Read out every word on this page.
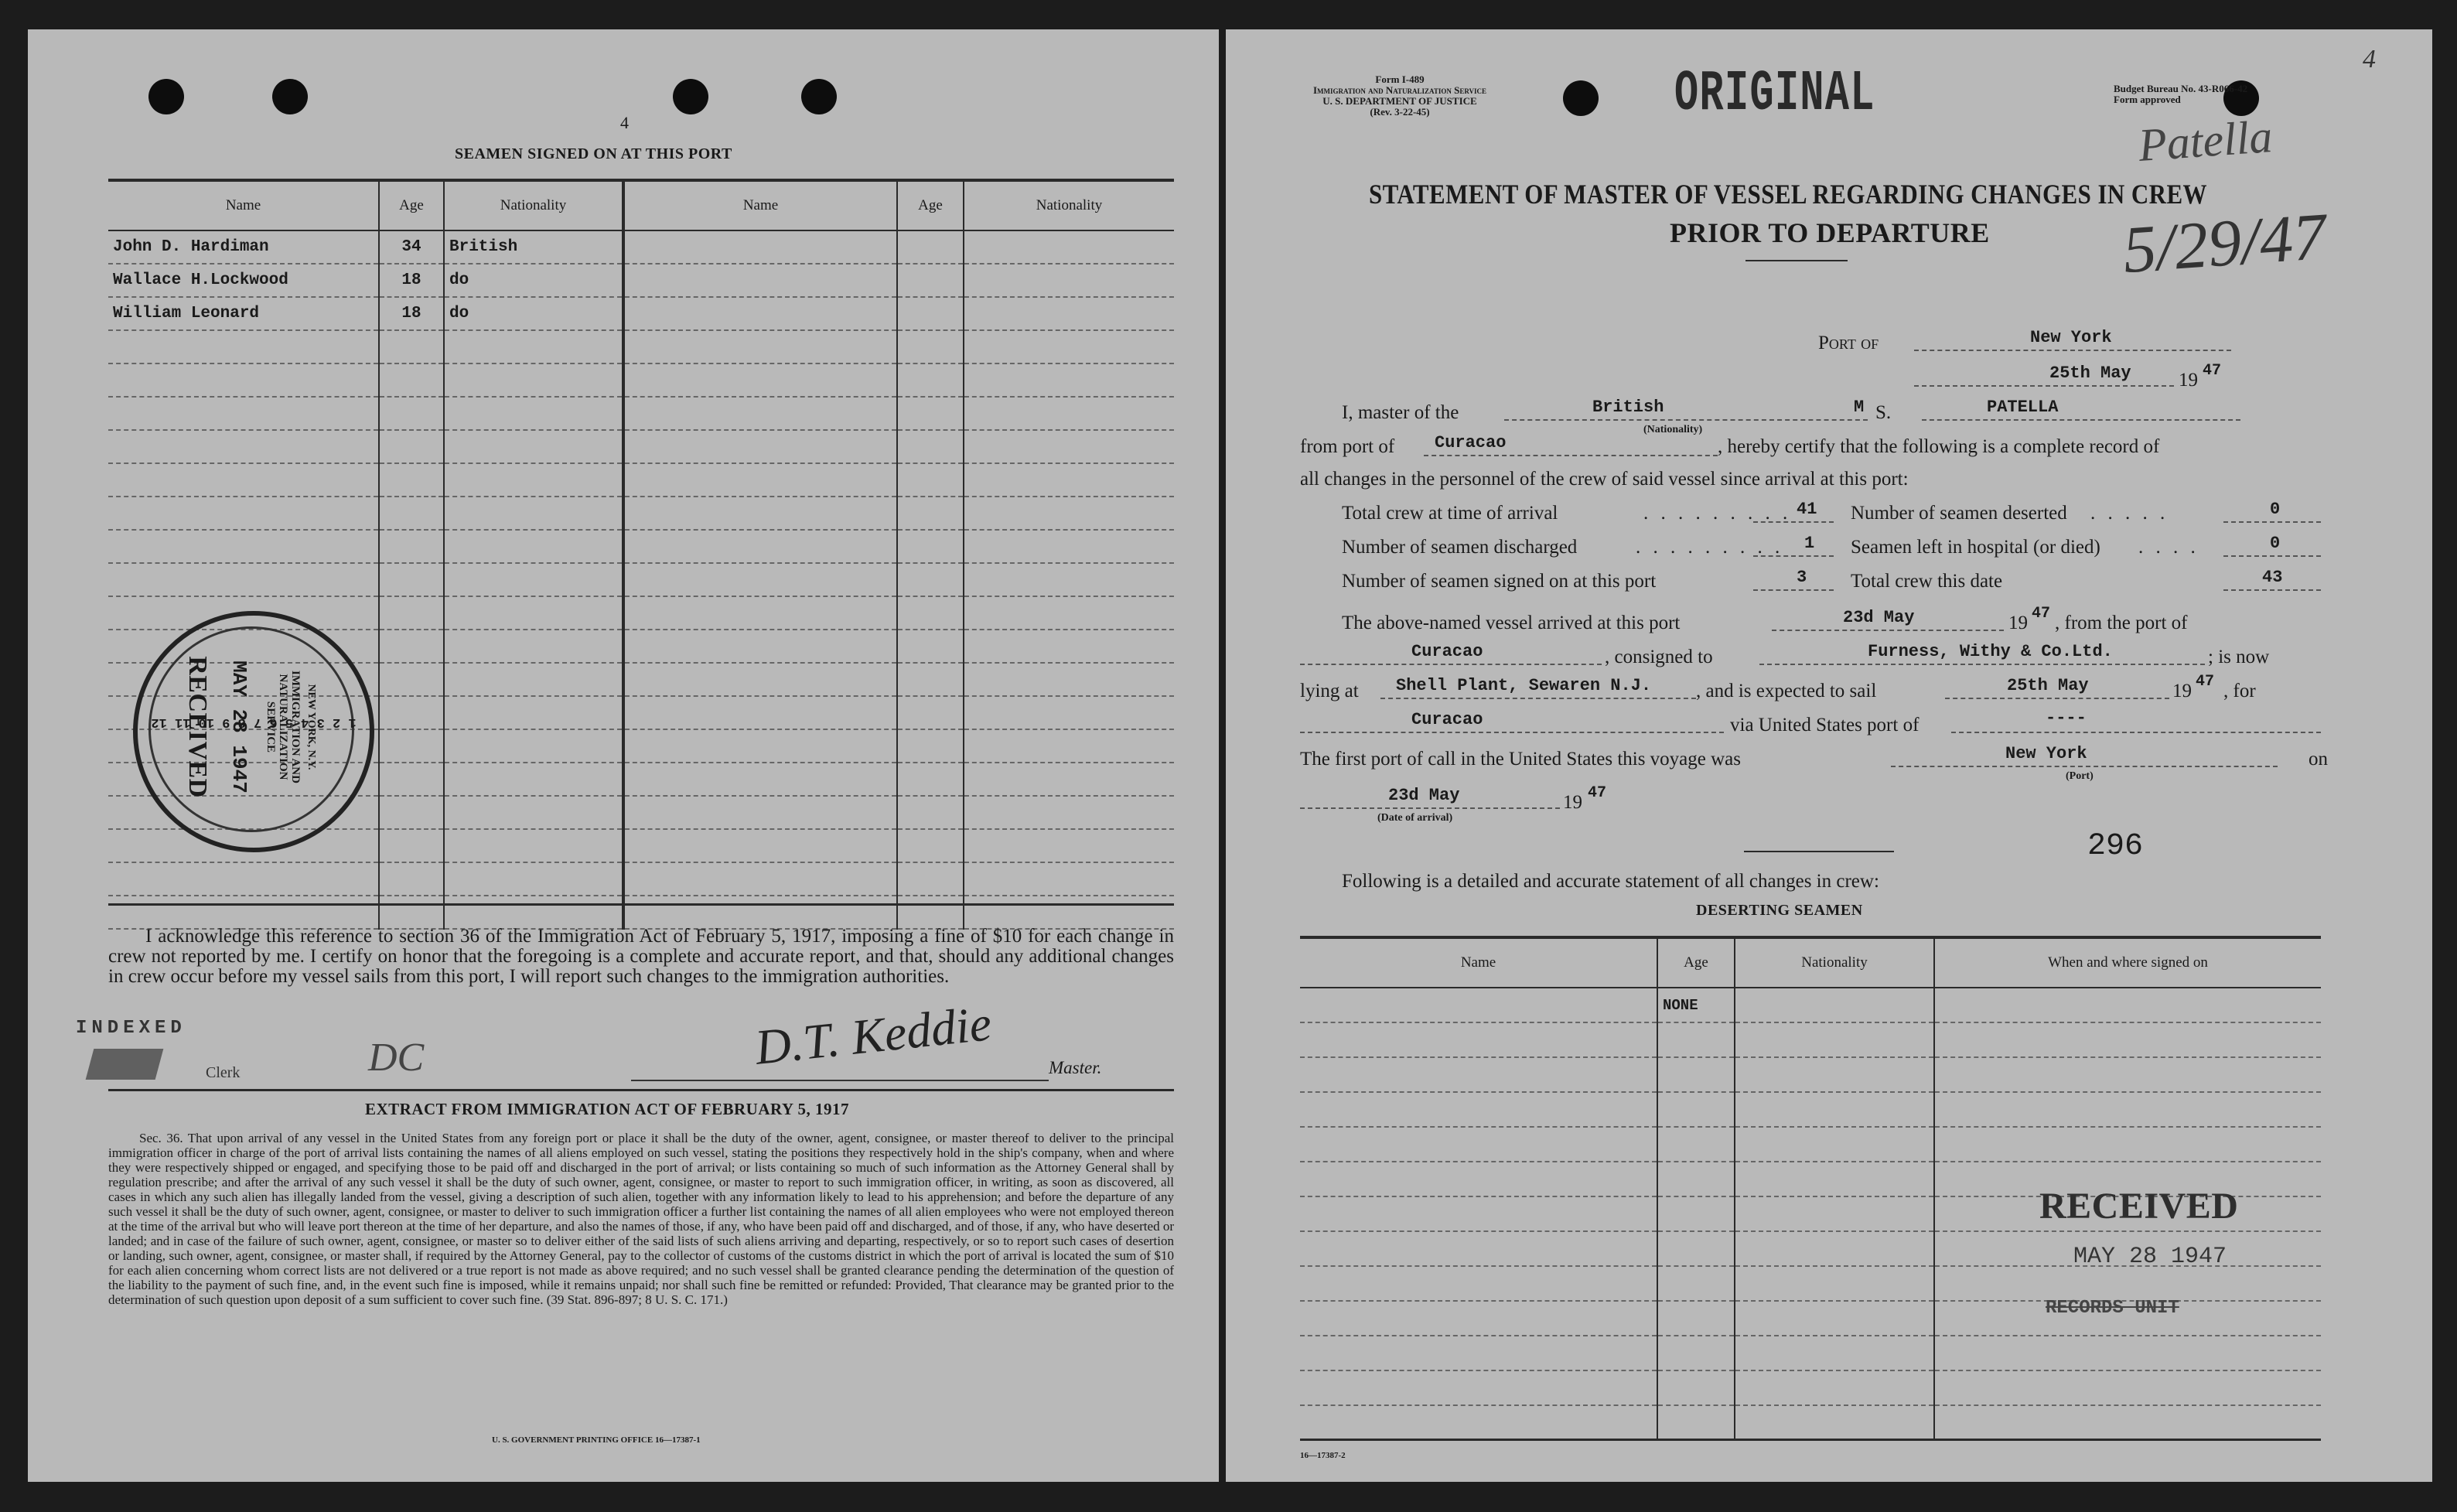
4
SEAMEN SIGNED ON AT THIS PORT
Name	Age	Nationality	Name	Age	Nationality
John D. Hardiman	34	British			
Wallace H.Lockwood	18	do			
William Leonard	18	do			

I acknowledge this reference to section 36 of the Immigration Act of February 5, 1917, imposing a fine of $10 for each change in crew not reported by me. I certify on honor that the foregoing is a complete and accurate report, and that, should any additional changes in crew occur before my vessel sails from this port, I will report such changes to the immigration authorities.
INDEXED
Clerk	DC	D.T. Keddie	Master.
1 2 3 4 5 6 7 8 9 10 11 12
NEW YORK, N.Y.
IMMIGRATION AND NATURALIZATION SERVICE
MAY 28 1947
RECEIVED
EXTRACT FROM IMMIGRATION ACT OF FEBRUARY 5, 1917
Sec. 36. That upon arrival of any vessel in the United States from any foreign port or place it shall be the duty of the owner, agent, consignee, or master thereof to deliver to the principal immigration officer in charge of the port of arrival lists containing the names of all aliens employed on such vessel, stating the positions they respectively hold in the ship's company, when and where they were respectively shipped or engaged, and specifying those to be paid off and discharged in the port of arrival; or lists containing so much of such information as the Attorney General shall by regulation prescribe; and after the arrival of any such vessel it shall be the duty of such owner, agent, consignee, or master to report to such immigration officer, in writing, as soon as discovered, all cases in which any such alien has illegally landed from the vessel, giving a description of such alien, together with any information likely to lead to his apprehension; and before the departure of any such vessel it shall be the duty of such owner, agent, consignee, or master to deliver to such immigration officer a further list containing the names of all alien employees who were not employed thereon at the time of the arrival but who will leave port thereon at the time of her departure, and also the names of those, if any, who have been paid off and discharged, and of those, if any, who have deserted or landed; and in case of the failure of such owner, agent, consignee, or master so to deliver either of the said lists of such aliens arriving and departing, respectively, or so to report such cases of desertion or landing, such owner, agent, consignee, or master shall, if required by the Attorney General, pay to the collector of customs of the customs district in which the port of arrival is located the sum of $10 for each alien concerning whom correct lists are not delivered or a true report is not made as above required; and no such vessel shall be granted clearance pending the determination of the question of the liability to the payment of such fine, and, in the event such fine is imposed, while it remains unpaid; nor shall such fine be remitted or refunded: Provided, That clearance may be granted prior to the determination of such question upon deposit of a sum sufficient to cover such fine. (39 Stat. 896-897; 8 U. S. C. 171.)
U. S. GOVERNMENT PRINTING OFFICE 16—17387-1
Form I-489
Immigration and Naturalization Service
U. S. DEPARTMENT OF JUSTICE
(Rev. 3-22-45)	ORIGINAL	Budget Bureau No. 43-R066-42
Form approved
4
Patella
5/29/47
STATEMENT OF MASTER OF VESSEL REGARDING CHANGES IN CREW
PRIOR TO DEPARTURE
Port of	New York
25th May 19 47
I, master of the	British
(Nationality)
M S.	PATELLA
from port of Curacao	, hereby certify that the following is a complete record of
all changes in the personnel of the crew of said vessel since arrival at this port:
Total crew at time of arrival	. . . . . . . . . 41
Number of seamen discharged	. . . . . . . . . 1
Number of seamen signed on at this port	3
Number of seamen deserted . . . . .	0
Seamen left in hospital (or died) . . . .	0
Total crew this date	43
The above-named vessel arrived at this port	23d May	19 47 , from the port of
Curacao	, consigned to	Furness, Withy & Co.Ltd.	; is now
lying at Shell Plant, Sewaren N.J. , and is expected to sail	25th May	19 47 , for
Curacao	via United States port of	----
The first port of call in the United States this voyage was	New York
(Port)
on
23d May
(Date of arrival)
19 47
296
Following is a detailed and accurate statement of all changes in crew:
DESERTING SEAMEN
Name	Age	Nationality	When and where signed on
	NONE		

RECEIVED
MAY 28 1947
RECORDS UNIT
16—17387-2
